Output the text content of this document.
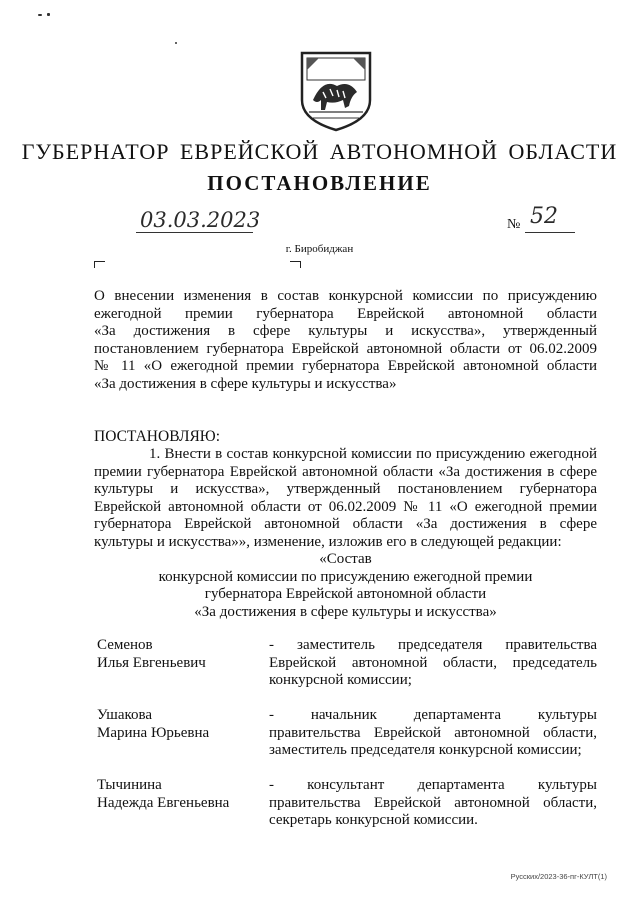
ГУБЕРНАТОР ЕВРЕЙСКОЙ АВТОНОМНОЙ ОБЛАСТИ
ПОСТАНОВЛЕНИЕ
03.03.2023	№ 52
г. Биробиджан
О внесении изменения в состав конкурсной комиссии по присуждению
ежегодной премии губернатора Еврейской автономной области
«За достижения в сфере культуры и искусства», утвержденный
постановлением губернатора Еврейской автономной области от 06.02.2009
№ 11 «О ежегодной премии губернатора Еврейской автономной области
«За достижения в сфере культуры и искусства»
ПОСТАНОВЛЯЮ:
1. Внести в состав конкурсной комиссии по присуждению ежегодной
премии губернатора Еврейской автономной области «За достижения в сфере
культуры и искусства», утвержденный постановлением губернатора
Еврейской автономной области от 06.02.2009 № 11 «О ежегодной премии
губернатора Еврейской автономной области «За достижения в сфере
культуры и искусства»», изменение, изложив его в следующей редакции:
«Состав
конкурсной комиссии по присуждению ежегодной премии
губернатора Еврейской автономной области
«За достижения в сфере культуры и искусства»
Семенов
Илья Евгеньевич
- заместитель председателя правительства
Еврейской автономной области, председатель
конкурсной комиссии;
Ушакова
Марина Юрьевна
- начальник департамента культуры
правительства Еврейской автономной области,
заместитель председателя конкурсной комиссии;
Тычинина
Надежда Евгеньевна
- консультант департамента культуры
правительства Еврейской автономной области,
секретарь конкурсной комиссии.
Русских/2023-36-пг-КУЛТ(1)
